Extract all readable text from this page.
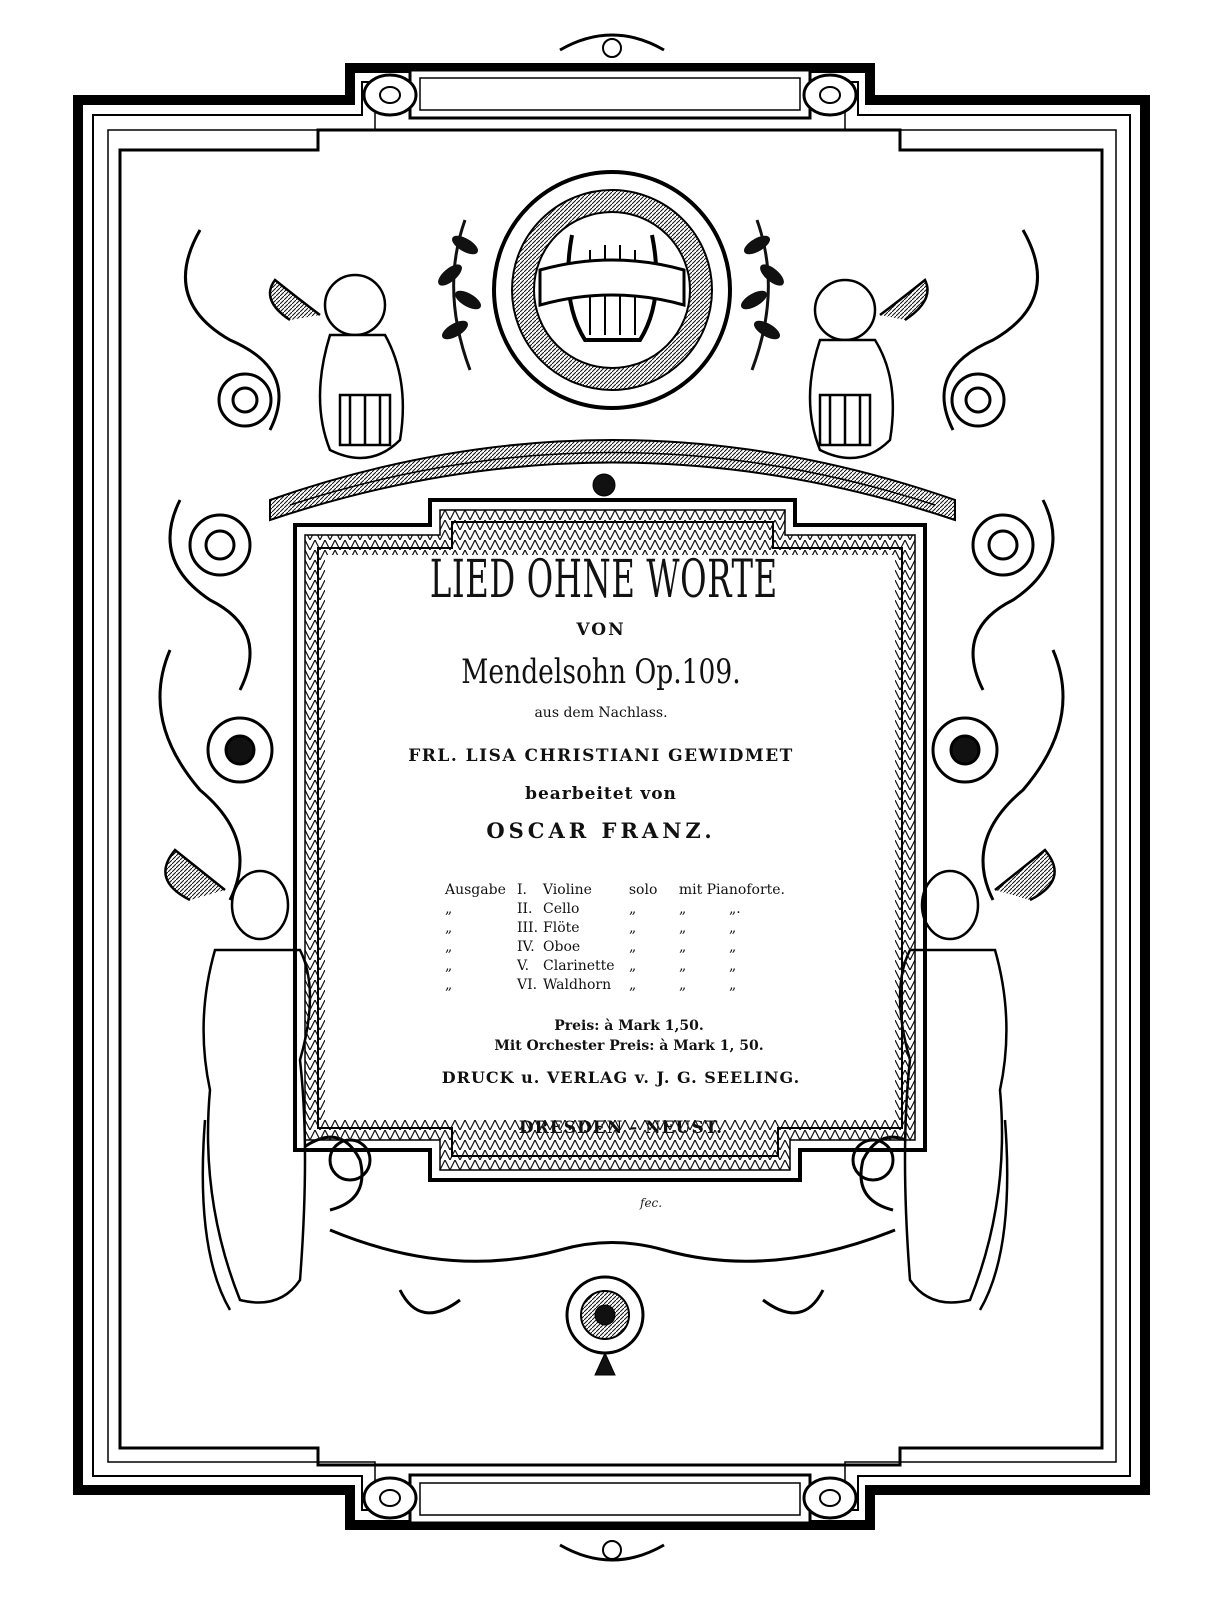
LIED OHNE WORTE
VON
Mendelsohn Op.109.
aus dem Nachlass.
FRL. LISA CHRISTIANI GEWIDMET
bearbeitet von
OSCAR FRANZ.
Ausgabe I.	Violine	solo	mit Pianoforte.
„	II. Cello	„	„	„.
„	III. Flöte	„	„	„
„	IV. Oboe	„	„	„
„	V. Clarinette	„	„	„
„	VI. Waldhorn	„	„	„
Preis: à Mark 1,50.
Mit Orchester Preis: à Mark 1, 50.
DRUCK u. VERLAG v. J. G. SEELING.
DRESDEN - NEUST.
fec.
